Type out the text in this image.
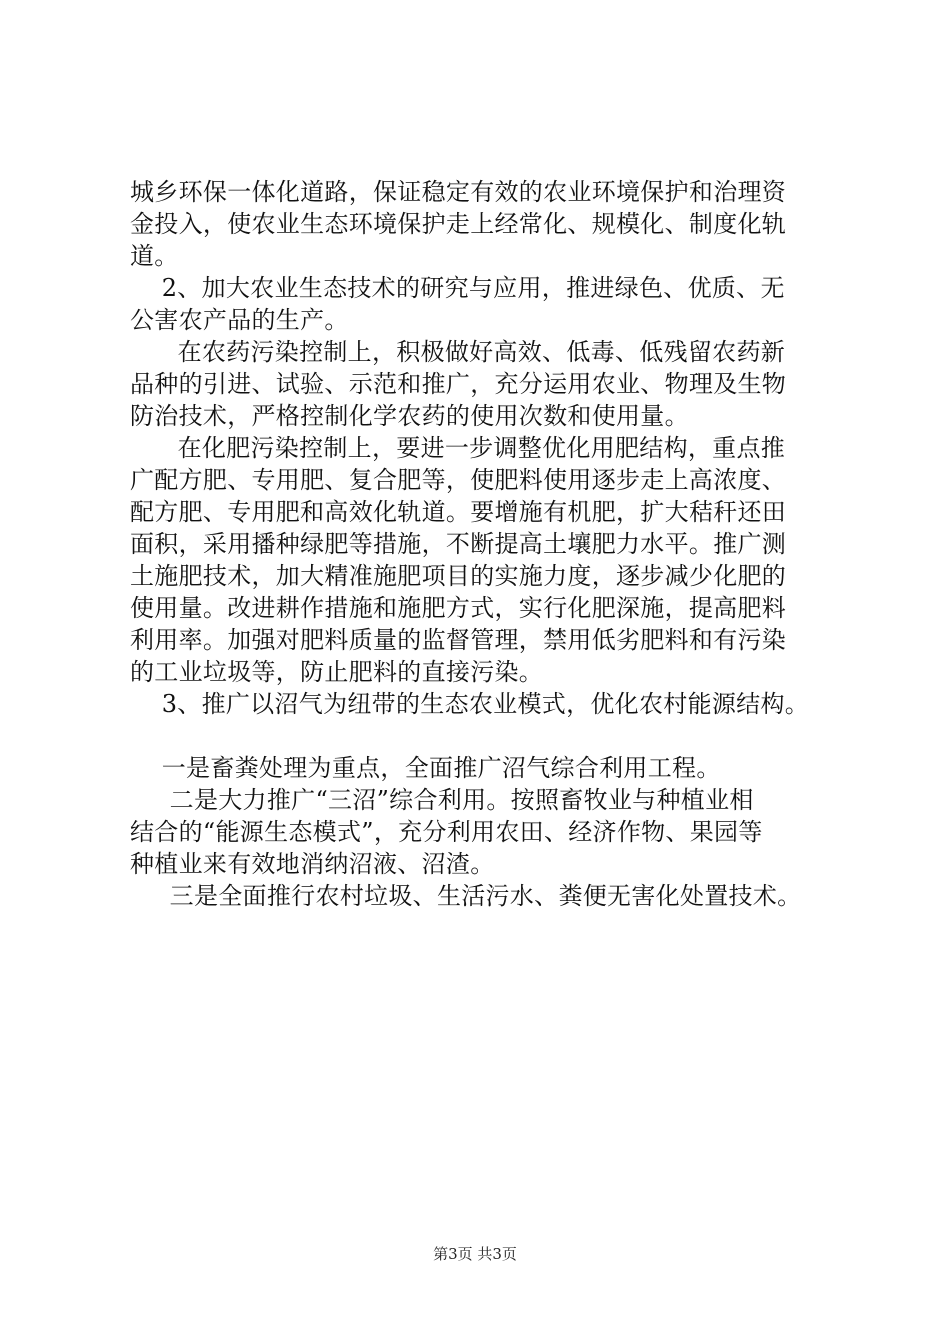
城乡环保一体化道路，保证稳定有效的农业环境保护和治理资
金投入，使农业生态环境保护走上经常化、规模化、制度化轨
道。
2、加大农业生态技术的研究与应用，推进绿色、优质、无
公害农产品的生产。
在农药污染控制上，积极做好高效、低毒、低残留农药新
品种的引进、试验、示范和推广，充分运用农业、物理及生物
防治技术，严格控制化学农药的使用次数和使用量。
在化肥污染控制上，要进一步调整优化用肥结构，重点推
广配方肥、专用肥、复合肥等，使肥料使用逐步走上高浓度、
配方肥、专用肥和高效化轨道。要增施有机肥，扩大秸秆还田
面积，采用播种绿肥等措施，不断提高土壤肥力水平。推广测
土施肥技术，加大精准施肥项目的实施力度，逐步减少化肥的
使用量。改进耕作措施和施肥方式，实行化肥深施，提高肥料
利用率。加强对肥料质量的监督管理，禁用低劣肥料和有污染
的工业垃圾等，防止肥料的直接污染。
3、推广以沼气为纽带的生态农业模式，优化农村能源结构。
一是畜粪处理为重点，全面推广沼气综合利用工程。
二是大力推广“三沼”综合利用。按照畜牧业与种植业相
结合的“能源生态模式”，充分利用农田、经济作物、果园等
种植业来有效地消纳沼液、沼渣。
三是全面推行农村垃圾、生活污水、粪便无害化处置技术。
第3页 共3页
